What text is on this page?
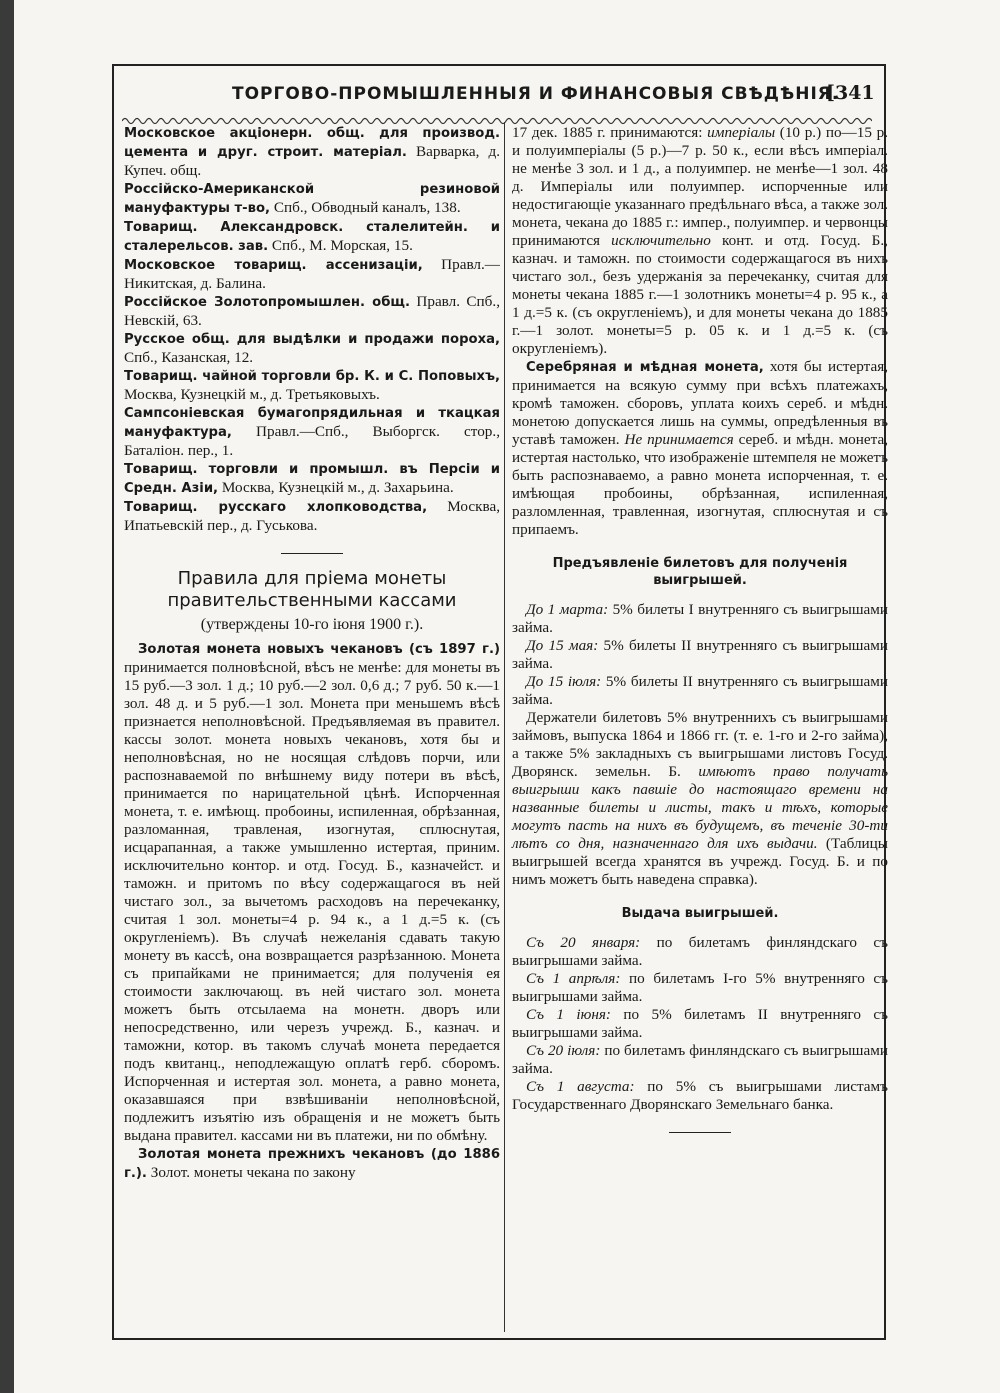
ТОРГОВО-ПРОМЫШЛЕННЫЯ И ФИНАНСОВЫЯ СВѢДѢНІЯ.
[341

Московское акціонерн. общ. для производ. цемента и друг. строит. матеріал. Варварка, д. Купеч. общ.

Россійско-Американской резиновой мануфактуры т-во, Спб., Обводный каналъ, 138.

Товарищ. Александровск. сталелитейн. и сталерельсов. зав. Спб., М. Морская, 15.

Московское товарищ. ассенизаціи, Правл.—Никитская, д. Балина.

Россійское Золотопромышлен. общ. Правл. Спб., Невскій, 63.

Русское общ. для выдѣлки и продажи пороха, Спб., Казанская, 12.

Товарищ. чайной торговли бр. К. и С. Поповыхъ, Москва, Кузнецкій м., д. Третьяковыхъ.

Сампсоніевская бумагопрядильная и ткацкая мануфактура, Правл.—Спб., Выборгск. стор., Баталіон. пер., 1.

Товарищ. торговли и промышл. въ Персіи и Средн. Азіи, Москва, Кузнецкій м., д. Захарьина.

Товарищ. русскаго хлопководства, Москва, Ипатьевскій пер., д. Гуськова.

Правила для пріема монеты правительственными кассами

(утверждены 10-го іюня 1900 г.).

Золотая монета новыхъ чекановъ (съ 1897 г.) принимается полновѣсной, вѣсъ не менѣе: для монеты въ 15 руб.—3 зол. 1 д.; 10 руб.—2 зол. 0,6 д.; 7 руб. 50 к.—1 зол. 48 д. и 5 руб.—1 зол. Монета при меньшемъ вѣсѣ признается неполновѣсной. Предъявляемая въ правител. кассы золот. монета новыхъ чекановъ, хотя бы и неполновѣсная, но не носящая слѣдовъ порчи, или распознаваемой по внѣшнему виду потери въ вѣсѣ, принимается по нарицательной цѣнѣ. Испорченная монета, т. е. имѣющ. пробоины, испиленная, обрѣзанная, разломанная, травленая, изогнутая, сплюснутая, исцарапанная, а также умышленно истертая, приним. исключительно контор. и отд. Госуд. Б., казначейст. и таможн. и притомъ по вѣсу содержащагося въ ней чистаго зол., за вычетомъ расходовъ на перечеканку, считая 1 зол. монеты=4 р. 94 к., а 1 д.=5 к. (съ округленіемъ). Въ случаѣ нежеланія сдавать такую монету въ кассѣ, она возвращается разрѣзанною. Монета съ припайками не принимается; для полученія ея стоимости заключающ. въ ней чистаго зол. монета можетъ быть отсылаема на монетн. дворъ или непосредственно, или черезъ учрежд. Б., казнач. и таможни, котор. въ такомъ случаѣ монета передается подъ квитанц., неподлежащую оплатѣ герб. сборомъ. Испорченная и истертая зол. монета, а равно монета, оказавшаяся при взвѣшиваніи неполновѣсной, подлежитъ изъятію изъ обращенія и не можетъ быть выдана правител. кассами ни въ платежи, ни по обмѣну.

Золотая монета прежнихъ чекановъ (до 1886 г.). Золот. монеты чекана по закону

17 дек. 1885 г. принимаются: имперіалы (10 р.) по—15 р. и полуимперіалы (5 р.)—7 р. 50 к., если вѣсъ имперіал. не менѣе 3 зол. и 1 д., а полуимпер. не менѣе—1 зол. 48 д. Имперіалы или полуимпер. испорченные или недостигающіе указаннаго предѣльнаго вѣса, а также зол. монета, чекана до 1885 г.: импер., полуимпер. и червонцы принимаются исключительно конт. и отд. Госуд. Б., казнач. и таможн. по стоимости содержащагося въ нихъ чистаго зол., безъ удержанія за перечеканку, считая для монеты чекана 1885 г.—1 золотникъ монеты=4 р. 95 к., а 1 д.=5 к. (съ округленіемъ), и для монеты чекана до 1885 г.—1 золот. монеты=5 р. 05 к. и 1 д.=5 к. (съ округленіемъ).

Серебряная и мѣдная монета, хотя бы истертая, принимается на всякую сумму при всѣхъ платежахъ, кромѣ таможен. сборовъ, уплата коихъ сереб. и мѣдн. монетою допускается лишь на суммы, опредѣленныя въ уставѣ таможен. Не принимается сереб. и мѣдн. монета, истертая настолько, что изображеніе штемпеля не можетъ быть распознаваемо, а равно монета испорченная, т. е. имѣющая пробоины, обрѣзанная, испиленная, разломленная, травленная, изогнутая, сплюснутая и съ припаемъ.

Предъявленіе билетовъ для полученія выигрышей.

До 1 марта: 5% билеты I внутренняго съ выигрышами займа.

До 15 мая: 5% билеты II внутренняго съ выигрышами займа.

До 15 іюля: 5% билеты II внутренняго съ выигрышами займа.

Держатели билетовъ 5% внутреннихъ съ выигрышами займовъ, выпуска 1864 и 1866 гг. (т. е. 1-го и 2-го займа), а также 5% закладныхъ съ выигрышами листовъ Госуд. Дворянск. земельн. Б. имѣютъ право получать выигрыши какъ павшіе до настоящаго времени на названные билеты и листы, такъ и тѣхъ, которые могутъ пасть на нихъ въ будущемъ, въ теченіе 30-ти лѣтъ со дня, назначеннаго для ихъ выдачи. (Таблицы выигрышей всегда хранятся въ учрежд. Госуд. Б. и по нимъ можетъ быть наведена справка).

Выдача выигрышей.

Съ 20 января: по билетамъ финляндскаго съ выигрышами займа.

Съ 1 апрѣля: по билетамъ I-го 5% внутренняго съ выигрышами займа.

Съ 1 іюня: по 5% билетамъ II внутренняго съ выигрышами займа.

Съ 20 іюля: по билетамъ финляндскаго съ выигрышами займа.

Съ 1 августа: по 5% съ выигрышами листамъ Государственнаго Дворянскаго Земельнаго банка.
